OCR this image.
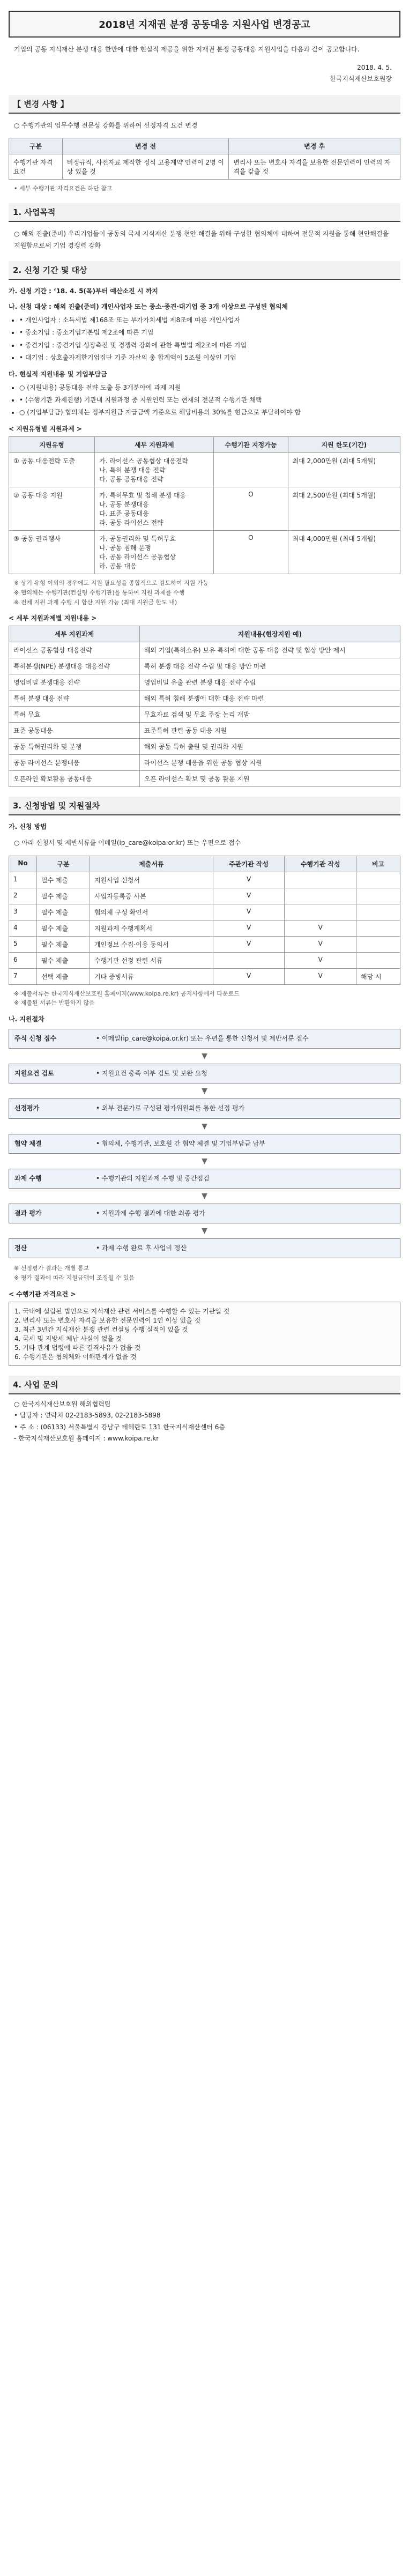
2018년 지재권 분쟁 공동대응 지원사업 변경공고
기업의 공동 지식재산 분쟁 대응 한만에 대한 현실적 제공을 위한 지재권 분쟁 공동대응 지원사업을 다음과 같이 공고합니다.
2018. 4. 5.
한국지식재산보호원장
【 변경 사항 】
○ 수행기관의 업무수행 전문성 강화를 위하여 선정자격 요건 변경
구분	변경 전	변경 후
수행기관 자격요건	비정규직, 사전자료 제작한 정식 고용계약 인력이 2명 이상 있을 것	변리사 또는 변호사 자격을 보유한 전문인력이 인력의 자격을 갖출 것
• 세부 수행기관 자격요건은 하단 참고
1. 사업목적
○ 해외 진출(준비) 우리기업들이 공동의 국제 지식재산 분쟁 현안 해결을 위해 구성한 협의체에 대하여 전문적 지원을 통해 현안해결을 지원함으로써 기업 경쟁력 강화
2. 신청 기간 및 대상
가. 신청 기간 : ‘18. 4. 5(목)부터 예산소진 시 까지
나. 신청 대상 : 해외 진출(준비) 개인사업자 또는 중소·중견·대기업 중 3개 이상으로 구성된 협의체
• • 개인사업자 : 소득세법 제168조 또는 부가가치세법 제8조에 따른 개인사업자
• • 중소기업 : 중소기업기본법 제2조에 따른 기업
• • 중견기업 : 중견기업 성장촉진 및 경쟁력 강화에 관한 특별법 제2조에 따른 기업
• • 대기업 : 상호출자제한기업집단 기준 자산의 총 합계액이 5조원 이상인 기업
다. 현실적 지원내용 및 기업부담금
• ○ (지원내용) 공동대응 전략 도출 등 3개분야에 과제 지원
• • (수행기관 과제진행) 기관내 지원과정 중 지원인력 또는 현재의 전문적 수행기관 채택
• ○ (기업부담금) 협의체는 정부지원금 지급금액 기준으로 해당비용의 30%를 현금으로 부담하여야 함
< 지원유형별 지원과제 >
지원유형	세부 지원과제	수행기관 지정가능	지원 한도(기간)
① 공동 대응전략 도출	가. 라이선스 공동협상 대응전략
나. 특허 분쟁 대응 전략
다. 공동 공동대응 전략		최대 2,000만원 (최대 5개월)
② 공동 대응 지원	가. 특허무효 및 침해 분쟁 대응
나. 공동 분쟁대응
다. 표준 공동대응
라. 공동 라이선스 전략	O	최대 2,500만원 (최대 5개월)
③ 공동 권리행사	가. 공동권리화 및 특허무효
나. 공동 침해 분쟁
다. 공동 라이선스 공동협상
라. 공동 대응	O	최대 4,000만원 (최대 5개월)
※ 상기 유형 이외의 경우에도 지원 필요성을 종합적으로 검토하여 지원 가능
※ 협의체는 수행기관(컨설팅 수행기관)을 통하여 지원 과제를 수행
※ 전체 지원 과제 수행 시 합산 지원 가능 (최대 지원금 한도 내)
< 세부 지원과제별 지원내용 >
세부 지원과제	지원내용(현장지원 예)
라이선스 공동협상 대응전략	해외 기업(특허소유) 보유 특허에 대한 공동 대응 전략 및 협상 방안 제시
특허분쟁(NPE) 분쟁대응 대응전략	특허 분쟁 대응 전략 수립 및 대응 방안 마련
영업비밀 분쟁대응 전략	영업비밀 유출 관련 분쟁 대응 전략 수립
특허 분쟁 대응 전략	해외 특허 침해 분쟁에 대한 대응 전략 마련
특허 무효	무효자료 검색 및 무효 주장 논리 개발
표준 공동대응	표준특허 관련 공동 대응 지원
공동 특허권리화 및 분쟁	해외 공동 특허 출원 및 권리화 지원
공동 라이선스 분쟁대응	라이선스 분쟁 대응을 위한 공동 협상 지원
오픈라인 확보활용 공동대응	오픈 라이선스 확보 및 공동 활용 지원
3. 신청방법 및 지원절차
가. 신청 방법
○ 아래 신청서 및 제반서류를 이메일(ip_care@koipa.or.kr) 또는 우편으로 접수
No	구분	제출서류	주관기관 작성	수행기관 작성	비고
1	필수 제출	지원사업 신청서	V		
2	필수 제출	사업자등록증 사본	V		
3	필수 제출	협의체 구성 확인서	V		
4	필수 제출	지원과제 수행계획서	V	V	
5	필수 제출	개인정보 수집·이용 동의서	V	V	
6	필수 제출	수행기관 선정 관련 서류		V	
7	선택 제출	기타 증빙서류	V	V	해당 시
※ 제출서류는 한국지식재산보호원 홈페이지(www.koipa.re.kr) 공지사항에서 다운로드
※ 제출된 서류는 반환하지 않음
나. 지원절차
주식 신청 접수	• 이메일(ip_care@koipa.or.kr) 또는 우편을 통한 신청서 및 제반서류 접수
▼
지원요건 검토	• 지원요건 충족 여부 검토 및 보완 요청
▼
선정평가	• 외부 전문가로 구성된 평가위원회를 통한 선정 평가
▼
협약 체결	• 협의체, 수행기관, 보호원 간 협약 체결 및 기업부담금 납부
▼
과제 수행	• 수행기관의 지원과제 수행 및 중간점검
▼
결과 평가	• 지원과제 수행 결과에 대한 최종 평가
▼
정산	• 과제 수행 완료 후 사업비 정산
※ 선정평가 결과는 개별 통보
※ 평가 결과에 따라 지원금액이 조정될 수 있음
< 수행기관 자격요건 >
1. 국내에 설립된 법인으로 지식재산 관련 서비스를 수행할 수 있는 기관일 것
2. 변리사 또는 변호사 자격을 보유한 전문인력이 1인 이상 있을 것
3. 최근 3년간 지식재산 분쟁 관련 컨설팅 수행 실적이 있을 것
4. 국세 및 지방세 체납 사실이 없을 것
5. 기타 관계 법령에 따른 결격사유가 없을 것
6. 수행기관은 협의체와 이해관계가 없을 것
4. 사업 문의
○ 한국지식재산보호원 해외협력팀
• 담당자 : 연락처 02-2183-5893, 02-2183-5898
• 주 소 : (06133) 서울특별시 강남구 테헤란로 131 한국지식재산센터 6층
- 한국지식재산보호원 홈페이지 : www.koipa.re.kr
